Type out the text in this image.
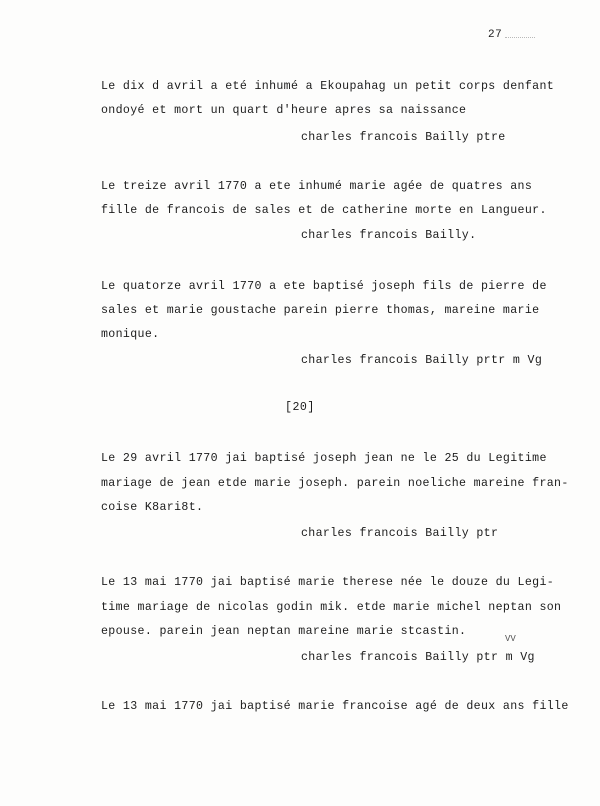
27
Le dix d avril a eté inhumé a Ekoupahag un petit corps denfant
ondoyé et mort un quart d'heure apres sa naissance
charles francois Bailly ptre
Le treize avril 1770 a ete inhumé marie agée de quatres ans
fille de francois de sales et de catherine morte en Langueur.
charles francois Bailly.
Le quatorze avril 1770 a ete baptisé joseph fils de pierre de
sales et marie goustache parein pierre thomas, mareine marie
monique.
charles francois Bailly prtr m Vg
[20]
Le 29 avril 1770 jai baptisé joseph jean ne le 25 du Legitime
mariage de jean etde marie joseph. parein noeliche mareine fran-
coise K8ari8t.
charles francois Bailly ptr
Le 13 mai 1770 jai baptisé marie therese née le douze du Legi-
time mariage de nicolas godin mik. etde marie michel neptan son
epouse. parein jean neptan mareine marie stcastin.
VV
charles francois Bailly ptr m Vg
Le 13 mai 1770 jai baptisé marie francoise agé de deux ans fille
